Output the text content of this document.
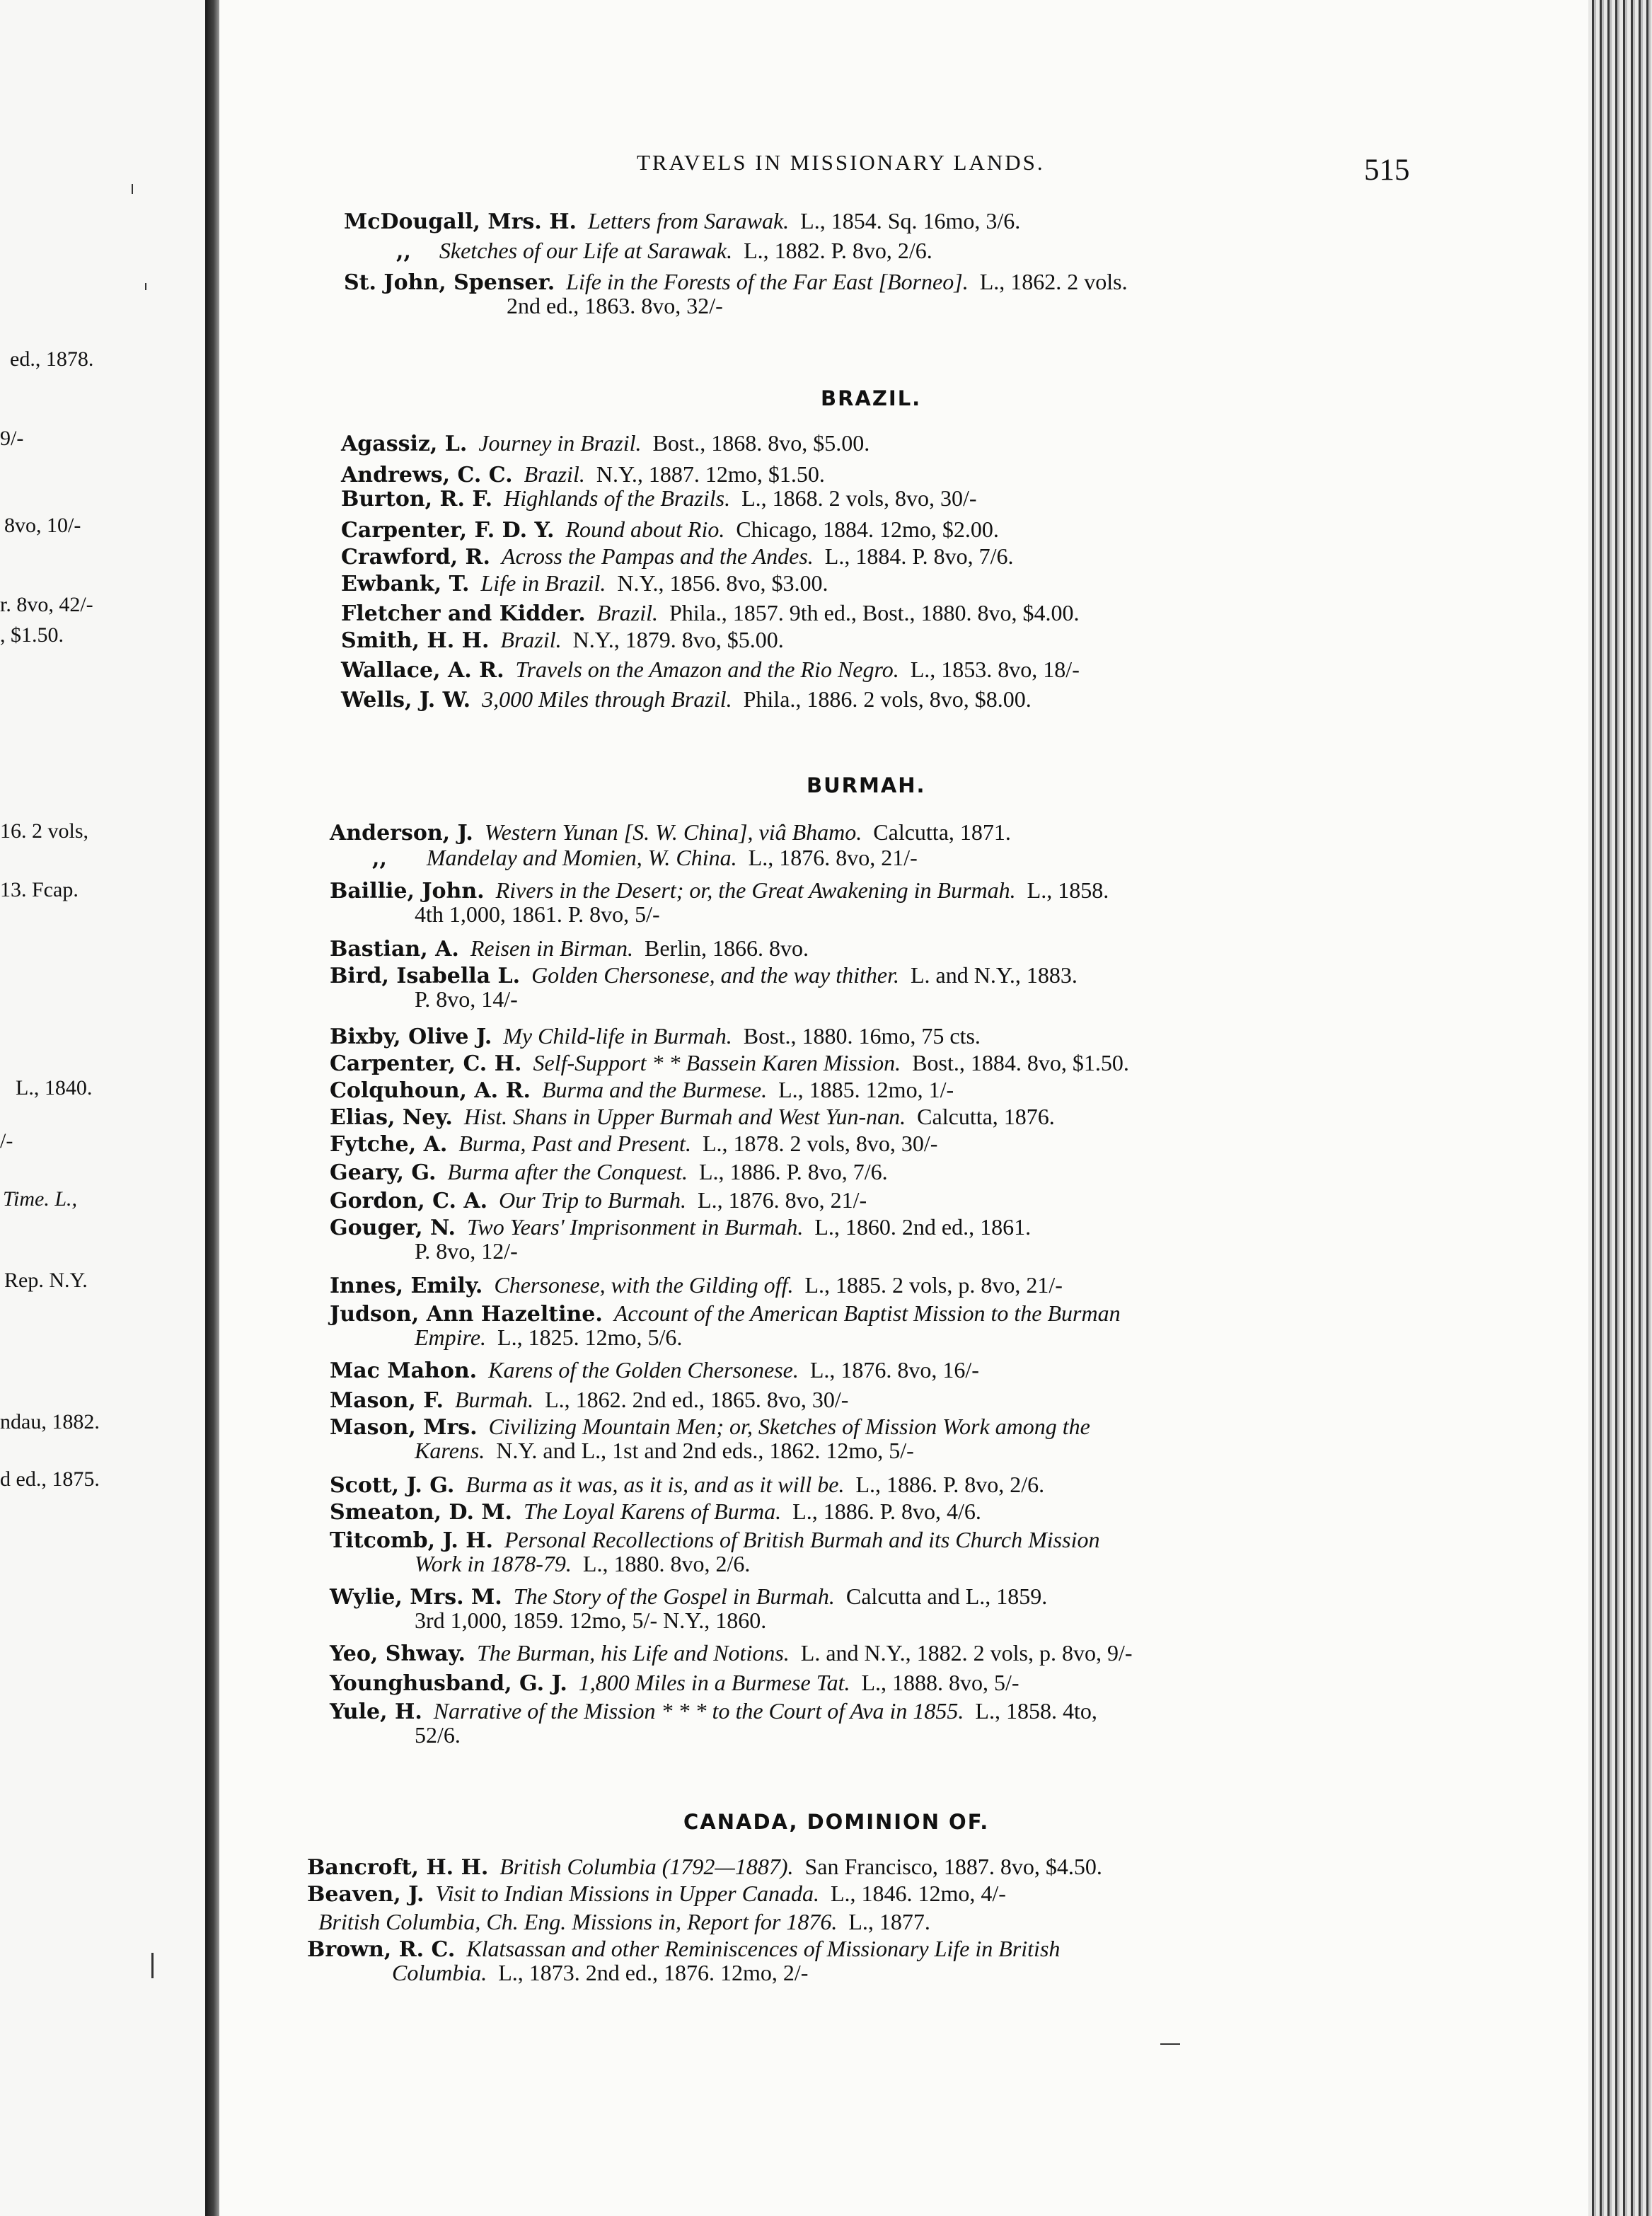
ed., 1878.
9/-
8vo, 10/-
r. 8vo, 42/-
, $1.50.
16. 2 vols,
13. Fcap.
L., 1840.
/-
Time. L.,
Rep. N.Y.
ndau, 1882.
d ed., 1875.
TRAVELS IN MISSIONARY LANDS.	515
McDougall, Mrs. H. Letters from Sarawak. L., 1854. Sq. 16mo, 3/6.
,, Sketches of our Life at Sarawak. L., 1882. P. 8vo, 2/6.
St. John, Spenser. Life in the Forests of the Far East [Borneo]. L., 1862. 2 vols.
2nd ed., 1863. 8vo, 32/-
BRAZIL.
Agassiz, L. Journey in Brazil. Bost., 1868. 8vo, $5.00.
Andrews, C. C. Brazil. N.Y., 1887. 12mo, $1.50.
Burton, R. F. Highlands of the Brazils. L., 1868. 2 vols, 8vo, 30/-
Carpenter, F. D. Y. Round about Rio. Chicago, 1884. 12mo, $2.00.
Crawford, R. Across the Pampas and the Andes. L., 1884. P. 8vo, 7/6.
Ewbank, T. Life in Brazil. N.Y., 1856. 8vo, $3.00.
Fletcher and Kidder. Brazil. Phila., 1857. 9th ed., Bost., 1880. 8vo, $4.00.
Smith, H. H. Brazil. N.Y., 1879. 8vo, $5.00.
Wallace, A. R. Travels on the Amazon and the Rio Negro. L., 1853. 8vo, 18/-
Wells, J. W. 3,000 Miles through Brazil. Phila., 1886. 2 vols, 8vo, $8.00.
BURMAH.
Anderson, J. Western Yunan [S. W. China], viâ Bhamo. Calcutta, 1871.
,, Mandelay and Momien, W. China. L., 1876. 8vo, 21/-
Baillie, John. Rivers in the Desert; or, the Great Awakening in Burmah. L., 1858.
4th 1,000, 1861. P. 8vo, 5/-
Bastian, A. Reisen in Birman. Berlin, 1866. 8vo.
Bird, Isabella L. Golden Chersonese, and the way thither. L. and N.Y., 1883.
P. 8vo, 14/-
Bixby, Olive J. My Child-life in Burmah. Bost., 1880. 16mo, 75 cts.
Carpenter, C. H. Self-Support * * Bassein Karen Mission. Bost., 1884. 8vo, $1.50.
Colquhoun, A. R. Burma and the Burmese. L., 1885. 12mo, 1/-
Elias, Ney. Hist. Shans in Upper Burmah and West Yun-nan. Calcutta, 1876.
Fytche, A. Burma, Past and Present. L., 1878. 2 vols, 8vo, 30/-
Geary, G. Burma after the Conquest. L., 1886. P. 8vo, 7/6.
Gordon, C. A. Our Trip to Burmah. L., 1876. 8vo, 21/-
Gouger, N. Two Years' Imprisonment in Burmah. L., 1860. 2nd ed., 1861.
P. 8vo, 12/-
Innes, Emily. Chersonese, with the Gilding off. L., 1885. 2 vols, p. 8vo, 21/-
Judson, Ann Hazeltine. Account of the American Baptist Mission to the Burman
Empire. L., 1825. 12mo, 5/6.
Mac Mahon. Karens of the Golden Chersonese. L., 1876. 8vo, 16/-
Mason, F. Burmah. L., 1862. 2nd ed., 1865. 8vo, 30/-
Mason, Mrs. Civilizing Mountain Men; or, Sketches of Mission Work among the
Karens. N.Y. and L., 1st and 2nd eds., 1862. 12mo, 5/-
Scott, J. G. Burma as it was, as it is, and as it will be. L., 1886. P. 8vo, 2/6.
Smeaton, D. M. The Loyal Karens of Burma. L., 1886. P. 8vo, 4/6.
Titcomb, J. H. Personal Recollections of British Burmah and its Church Mission
Work in 1878-79. L., 1880. 8vo, 2/6.
Wylie, Mrs. M. The Story of the Gospel in Burmah. Calcutta and L., 1859.
3rd 1,000, 1859. 12mo, 5/- N.Y., 1860.
Yeo, Shway. The Burman, his Life and Notions. L. and N.Y., 1882. 2 vols, p. 8vo, 9/-
Younghusband, G. J. 1,800 Miles in a Burmese Tat. L., 1888. 8vo, 5/-
Yule, H. Narrative of the Mission * * * to the Court of Ava in 1855. L., 1858. 4to,
52/6.
CANADA, DOMINION OF.
Bancroft, H. H. British Columbia (1792—1887). San Francisco, 1887. 8vo, $4.50.
Beaven, J. Visit to Indian Missions in Upper Canada. L., 1846. 12mo, 4/-
British Columbia, Ch. Eng. Missions in, Report for 1876. L., 1877.
Brown, R. C. Klatsassan and other Reminiscences of Missionary Life in British
Columbia. L., 1873. 2nd ed., 1876. 12mo, 2/-
